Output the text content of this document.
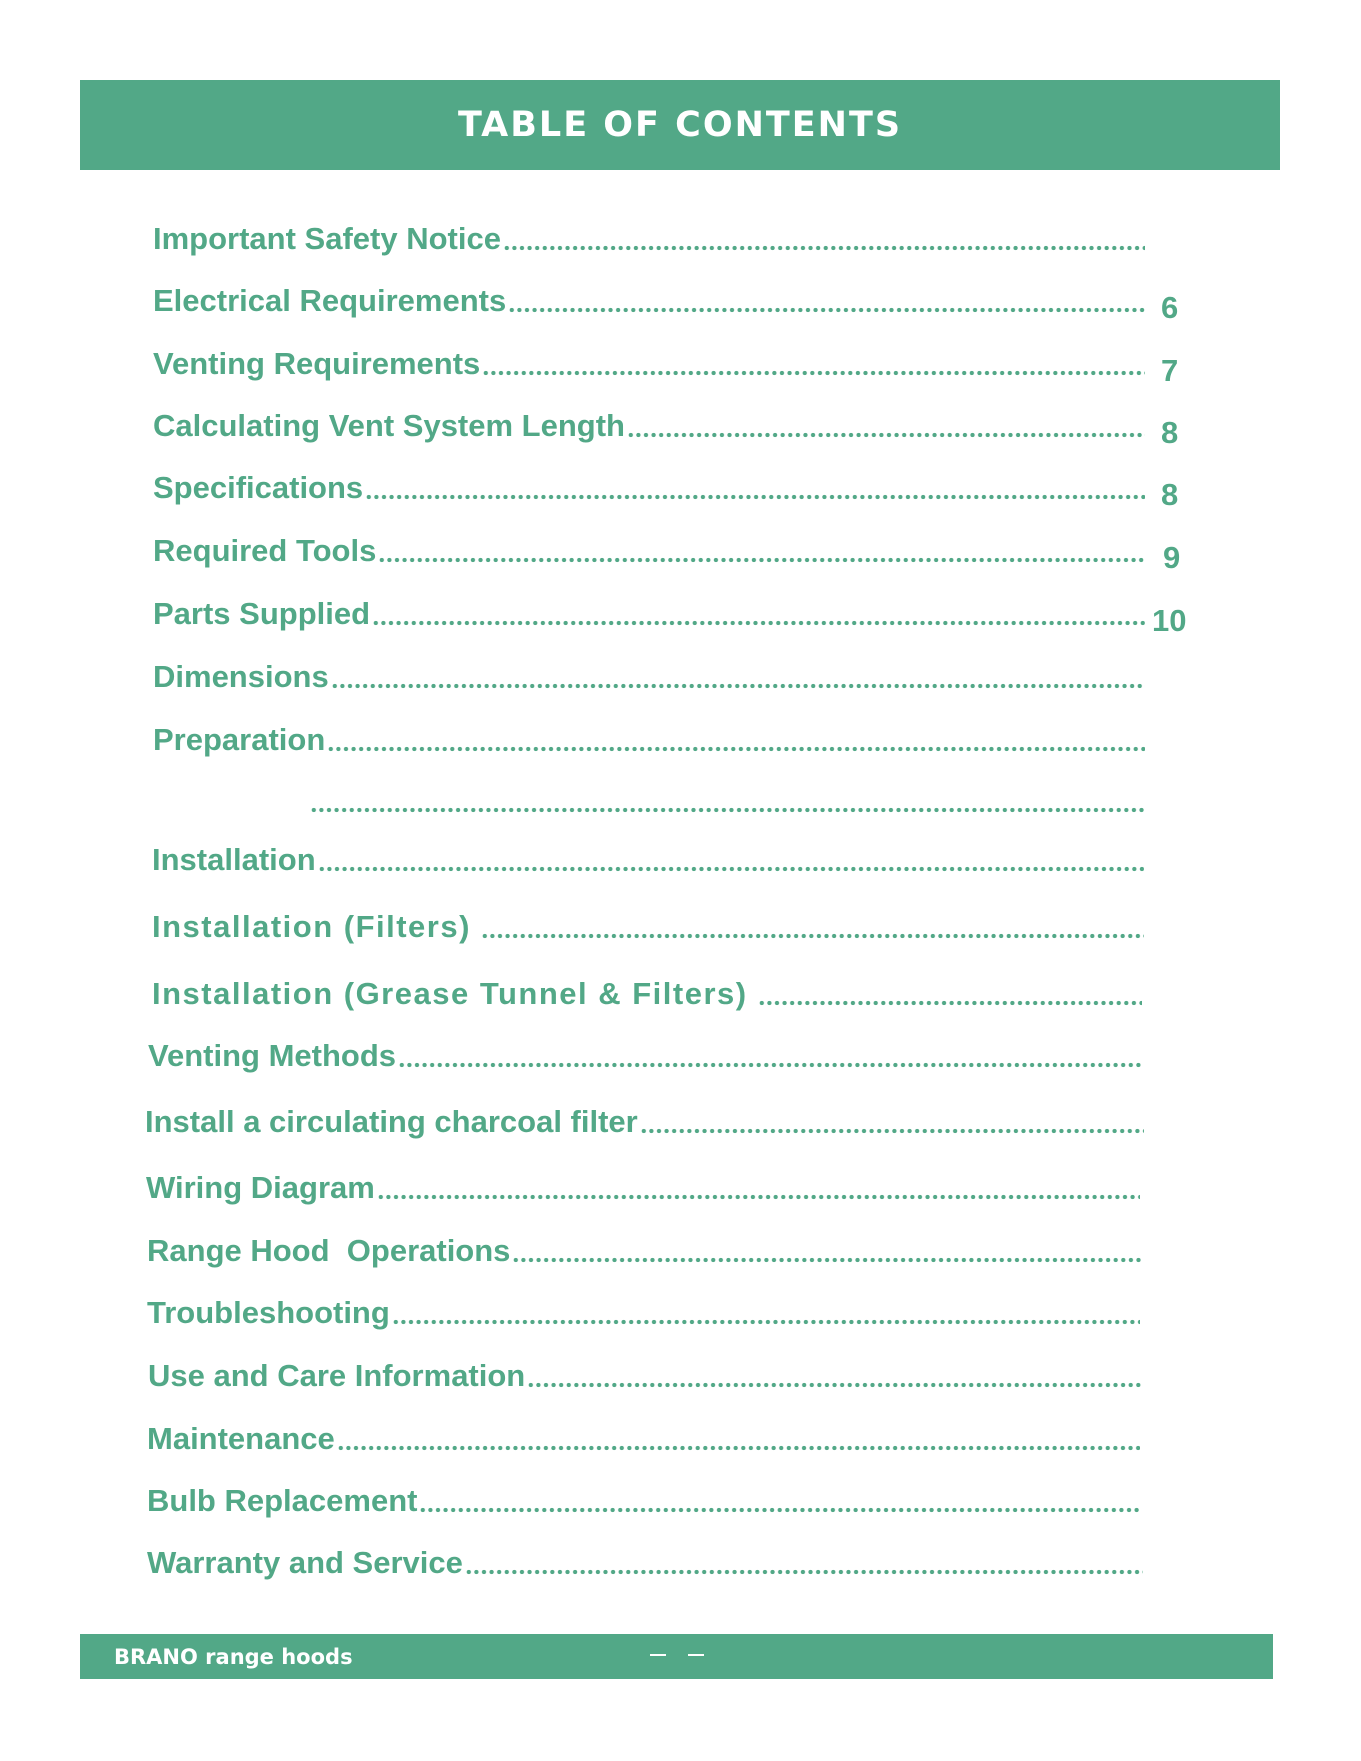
TABLE OF CONTENTS
Important Safety Notice
Electrical Requirements	6
Venting Requirements	7
Calculating Vent System Length	8
Specifications	8
Required Tools	9
Parts Supplied	10
Dimensions
Preparation
Installation
Installation (Filters)
Installation (Grease Tunnel & Filters)
Venting Methods
Install a circulating charcoal filter
Wiring Diagram
Range Hood  Operations
Troubleshooting
Use and Care Information
Maintenance
Bulb Replacement
Warranty and Service
BRANO range hoods
